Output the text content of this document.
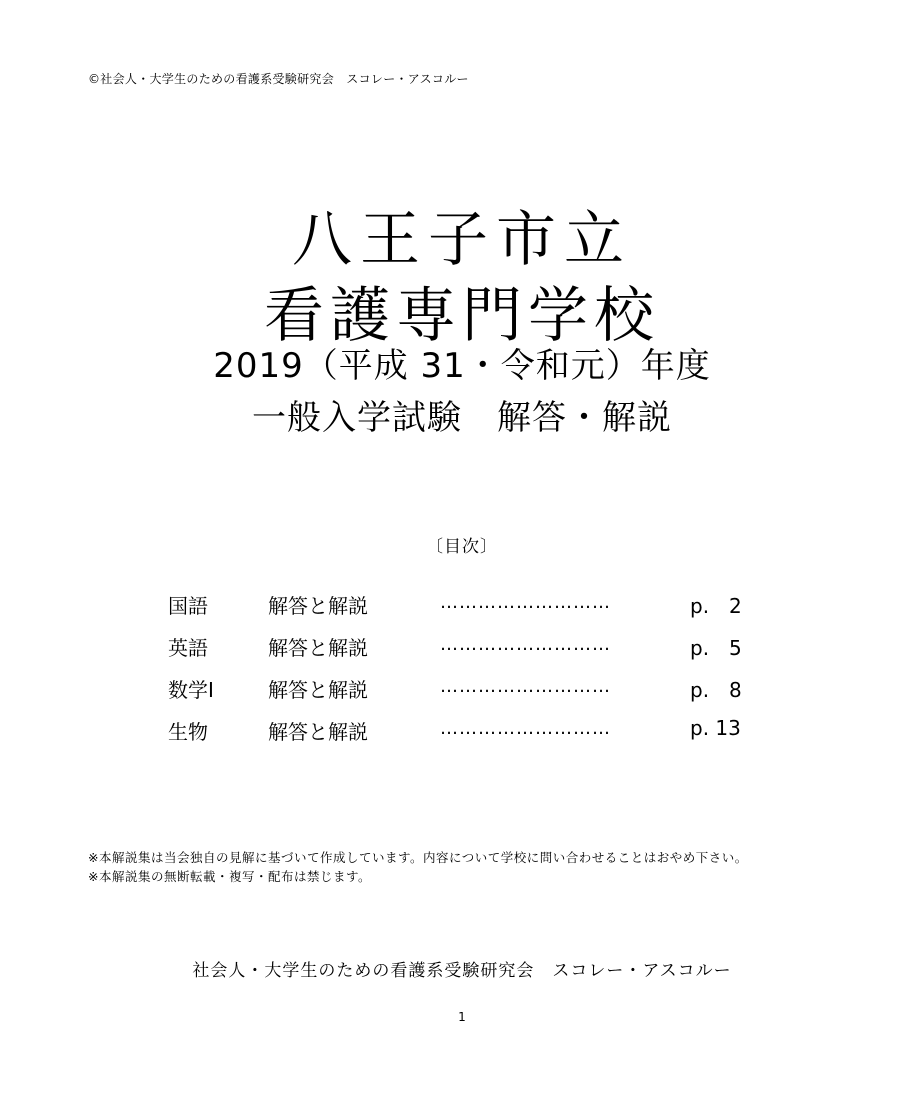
©社会人・大学生のための看護系受験研究会　スコレー・アスコルー
八王子市立
看護専門学校
2019（平成 31・令和元）年度
一般入学試験　解答・解説
〔目次〕
国語	解答と解説	………………………	p.　2
英語	解答と解説	………………………	p.　5
数学Ⅰ	解答と解説	………………………	p.　8
生物	解答と解説	………………………	p. 13

※本解説集は当会独自の見解に基づいて作成しています。内容について学校に問い合わせることはおやめ下さい。

※本解説集の無断転載・複写・配布は禁じます。

社会人・大学生のための看護系受験研究会　スコレー・アスコルー
1
